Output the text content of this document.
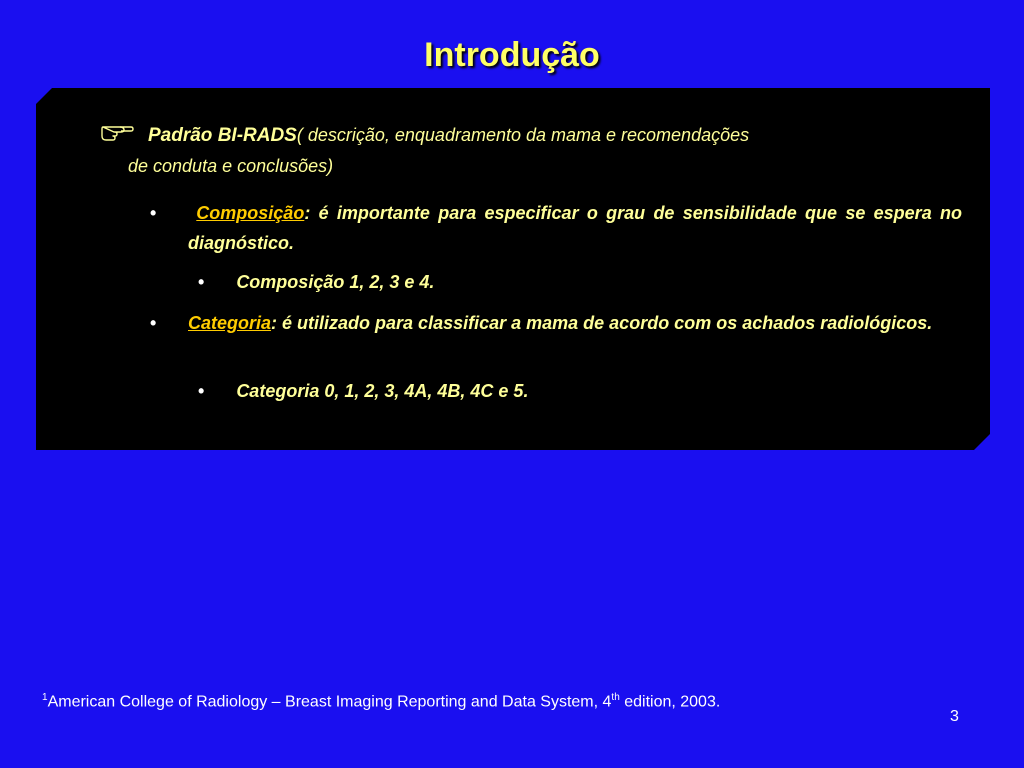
Introdução
Padrão BI-RADS( descrição, enquadramento da mama e recomendações
de conduta e conclusões)
•	Composição: é importante para especificar o grau de sensibilidade que se espera no diagnóstico.
• Composição 1, 2, 3 e 4.
•	Categoria: é utilizado para classificar a mama de acordo com os achados radiológicos.
• Categoria 0, 1, 2, 3, 4A, 4B, 4C e 5.
$^1$American College of Radiology – Breast Imaging Reporting and Data System, 4th edition, 2003.
3
